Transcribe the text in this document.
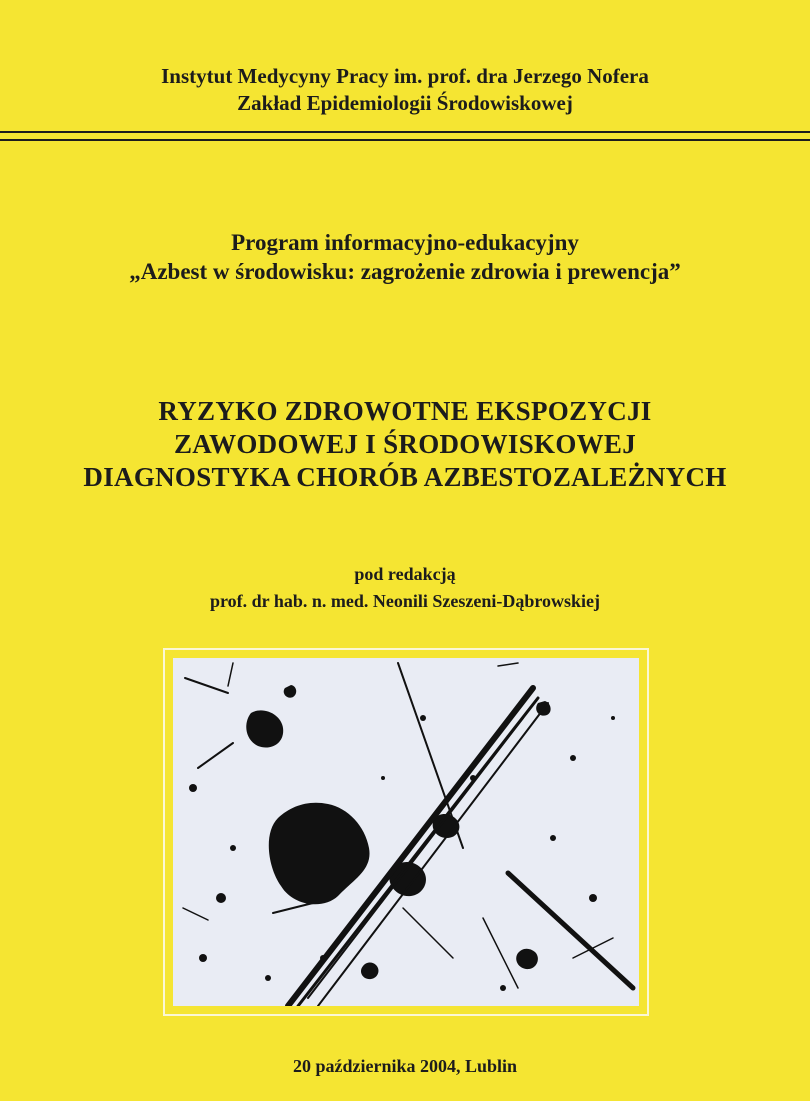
Instytut Medycyny Pracy im. prof. dra Jerzego Nofera
Zakład Epidemiologii Środowiskowej
Program informacyjno-edukacyjny
„Azbest w środowisku: zagrożenie zdrowia i prewencja”
RYZYKO ZDROWOTNE EKSPOZYCJI
ZAWODOWEJ I ŚRODOWISKOWEJ
DIAGNOSTYKA CHORÓB AZBESTOZALEŻNYCH
pod redakcją
prof. dr hab. n. med. Neonili Szeszeni-Dąbrowskiej
20 października 2004, Lublin
